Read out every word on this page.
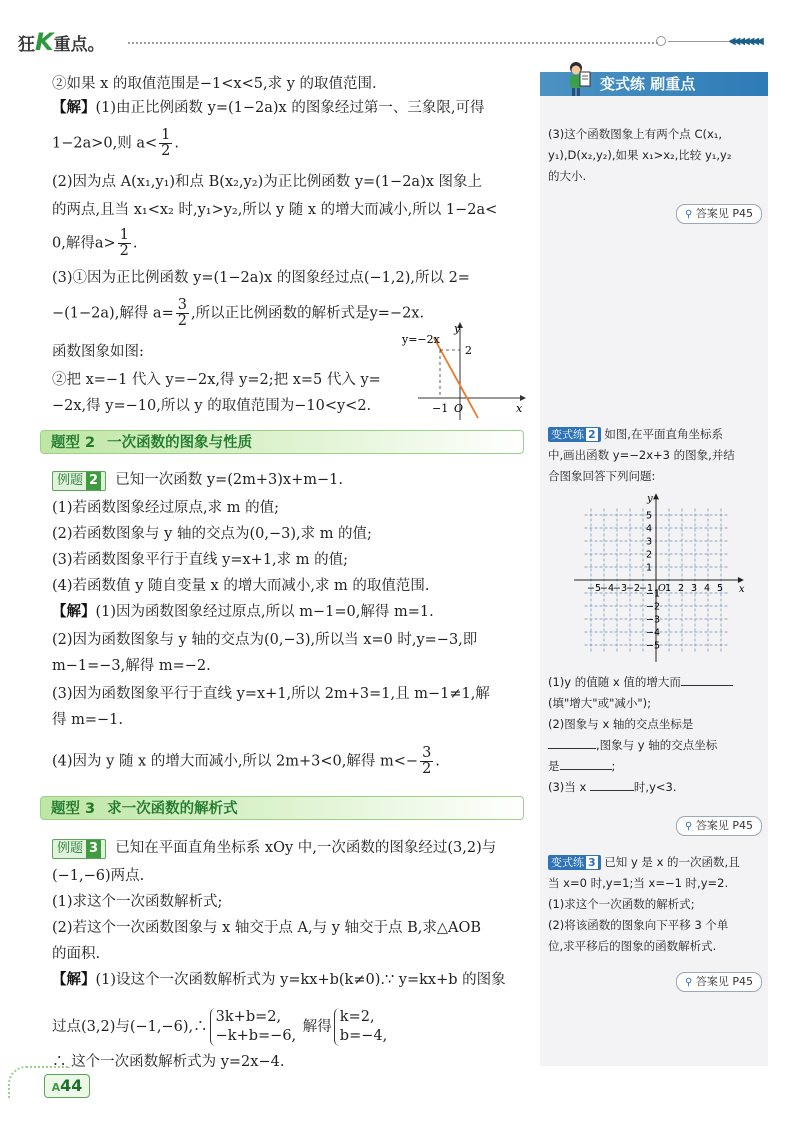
狂K重点。	◀◀◀◀◀◀◀
②如果 x 的取值范围是−1<x<5,求 y 的取值范围.
【解】(1)由正比例函数 y=(1−2a)x 的图象经过第一、三象限,可得
1−2a>0,则 $a< \frac{1}{2}$ .
(2)因为点 A(x₁,y₁)和点 B(x₂,y₂)为正比例函数 y=(1−2a)x 图象上
的两点,且当 x₁<x₂ 时,y₁>y₂,所以 y 随 x 的增大而减小,所以 1−2a<
0,解得$a> \frac{1}{2}$ .
(3)①因为正比例函数 y=(1−2a)x 的图象经过点(−1,2),所以 2=
−(1−2a),解得 $a= \frac{3}{2}$ ,所以正比例函数的解析式是y=−2x.
函数图象如图:
②把 x=−1 代入 y=−2x,得 y=2;把 x=5 代入 y=
−2x,得 y=−10,所以 y 的取值范围为−10<y<2.
y=−2x
y
2
−1 O	x
题型 2 一次函数的图象与性质
例题 2 已知一次函数 y=(2m+3)x+m−1.
(1)若函数图象经过原点,求 m 的值;
(2)若函数图象与 y 轴的交点为(0,−3),求 m 的值;
(3)若函数图象平行于直线 y=x+1,求 m 的值;
(4)若函数值 y 随自变量 x 的增大而减小,求 m 的取值范围.
【解】(1)因为函数图象经过原点,所以 m−1=0,解得 m=1.
(2)因为函数图象与 y 轴的交点为(0,−3),所以当 x=0 时,y=−3,即
m−1=−3,解得 m=−2.
(3)因为函数图象平行于直线 y=x+1,所以 2m+3=1,且 m−1≠1,解
得 m=−1.
(4)因为 y 随 x 的增大而减小,所以 2m+3<0,解得 $m<- \frac{3}{2}$ .
题型 3 求一次函数的解析式
例题 3 已知在平面直角坐标系 xOy 中,一次函数的图象经过(3,2)与
(−1,−6)两点.
(1)求这个一次函数解析式;
(2)若这个一次函数图象与 x 轴交于点 A,与 y 轴交于点 B,求△AOB
的面积.
【解】(1)设这个一次函数解析式为 y=kx+b(k≠0).∵ y=kx+b 的图象
过点(3,2)与(−1,−6),∴
3k+b=2,
−k+b=−6,
解得
k=2,
b=−4,
∴ 这个一次函数解析式为 y=2x−4.
变式练 刷重点
(3)这个函数图象上有两个点 C(x₁,
y₁),D(x₂,y₂),如果 x₁>x₂,比较 y₁,y₂
的大小.
⚲ 答案见 P45
变式练 2 如图,在平面直角坐标系
中,画出函数 y=−2x+3 的图象,并结
合图象回答下列问题:
−5
−4
−3
−2
−1 1 2 3 4 5
5
4
3
2
1
−1
−2
−3
−4
−5
O	x
y
(1)y 的值随 x 值的增大而
(填"增大"或"减小");
(2)图象与 x 轴的交点坐标是
,图象与 y 轴的交点坐标
是	;
(3)当 x	时,y<3.
⚲ 答案见 P45
变式练 3 已知 y 是 x 的一次函数,且
当 x=0 时,y=1;当 x=−1 时,y=2.
(1)求这个一次函数的解析式;
(2)将该函数的图象向下平移 3 个单
位,求平移后的图象的函数解析式.
⚲ 答案见 P45
A44
